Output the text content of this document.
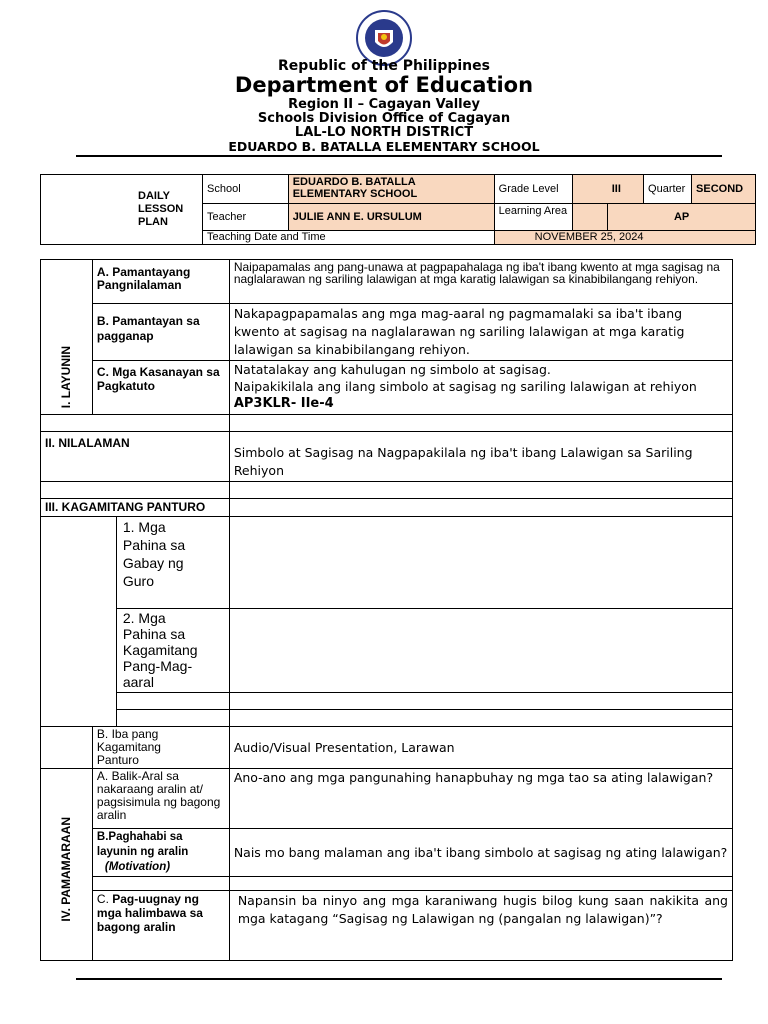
Republic of the Philippines
Department of Education
Region II – Cagayan Valley
Schools Division Office of Cagayan
LAL-LO NORTH DISTRICT
EDUARDO B. BATALLA ELEMENTARY SCHOOL
DAILY LESSON PLAN	School	EDUARDO B. BATALLA ELEMENTARY SCHOOL	Grade Level		III	Quarter	SECOND
	Teacher	JULIE ANN E. URSULUM	Learning Area		AP		
	Teaching Date and Time		NOVEMBER 25, 2024				
I. LAYUNIN	A. Pamantayang Pangnilalaman		Naipapamalas ang pang-unawa at pagpapahalaga ng iba't ibang kwento at mga sagisag na naglalarawan ng sariling lalawigan at mga karatig lalawigan sa kinabibilangang rehiyon.
	B. Pamantayan sa pagganap		Nakapagpapamalas ang mga mag-aaral ng pagmamalaki sa iba't ibang kwento at sagisag na naglalarawan ng sariling lalawigan at mga karatig lalawigan sa kinabibilangang rehiyon.
	C. Mga Kasanayan sa Pagkatuto		Natatalakay ang kahulugan ng simbolo at sagisag.
Naipakikilala ang ilang simbolo at sagisag ng sariling lalawigan at rehiyon
AP3KLR- IIe-4

II. NILALAMAN			Simbolo at Sagisag na Nagpapakilala ng iba't ibang Lalawigan sa Sariling Rehiyon

III. KAGAMITANG PANTURO			

		1. Mga Pahina sa Gabay ng Guro	

		2. Mga Pahina sa Kagamitang Pang-Mag-aaral	

	B. Iba pang Kagamitang Panturo		Audio/Visual Presentation, Larawan

IV. PAMAMARAAN	A. Balik-Aral sa nakaraang aralin at/ pagsisimula ng bagong aralin		Ano-ano ang mga pangunahing hanapbuhay ng mga tao sa ating lalawigan?

	B.Paghahabi sa layunin ng aralin
(Motivation)		Nais mo bang malaman ang iba't ibang simbolo at sagisag ng ating lalawigan?

	C. Pag-uugnay ng mga halimbawa sa bagong aralin		Napansin ba ninyo ang mga karaniwang hugis bilog kung saan nakikita ang mga katagang “Sagisag ng Lalawigan ng (pangalan ng lalawigan)”?
